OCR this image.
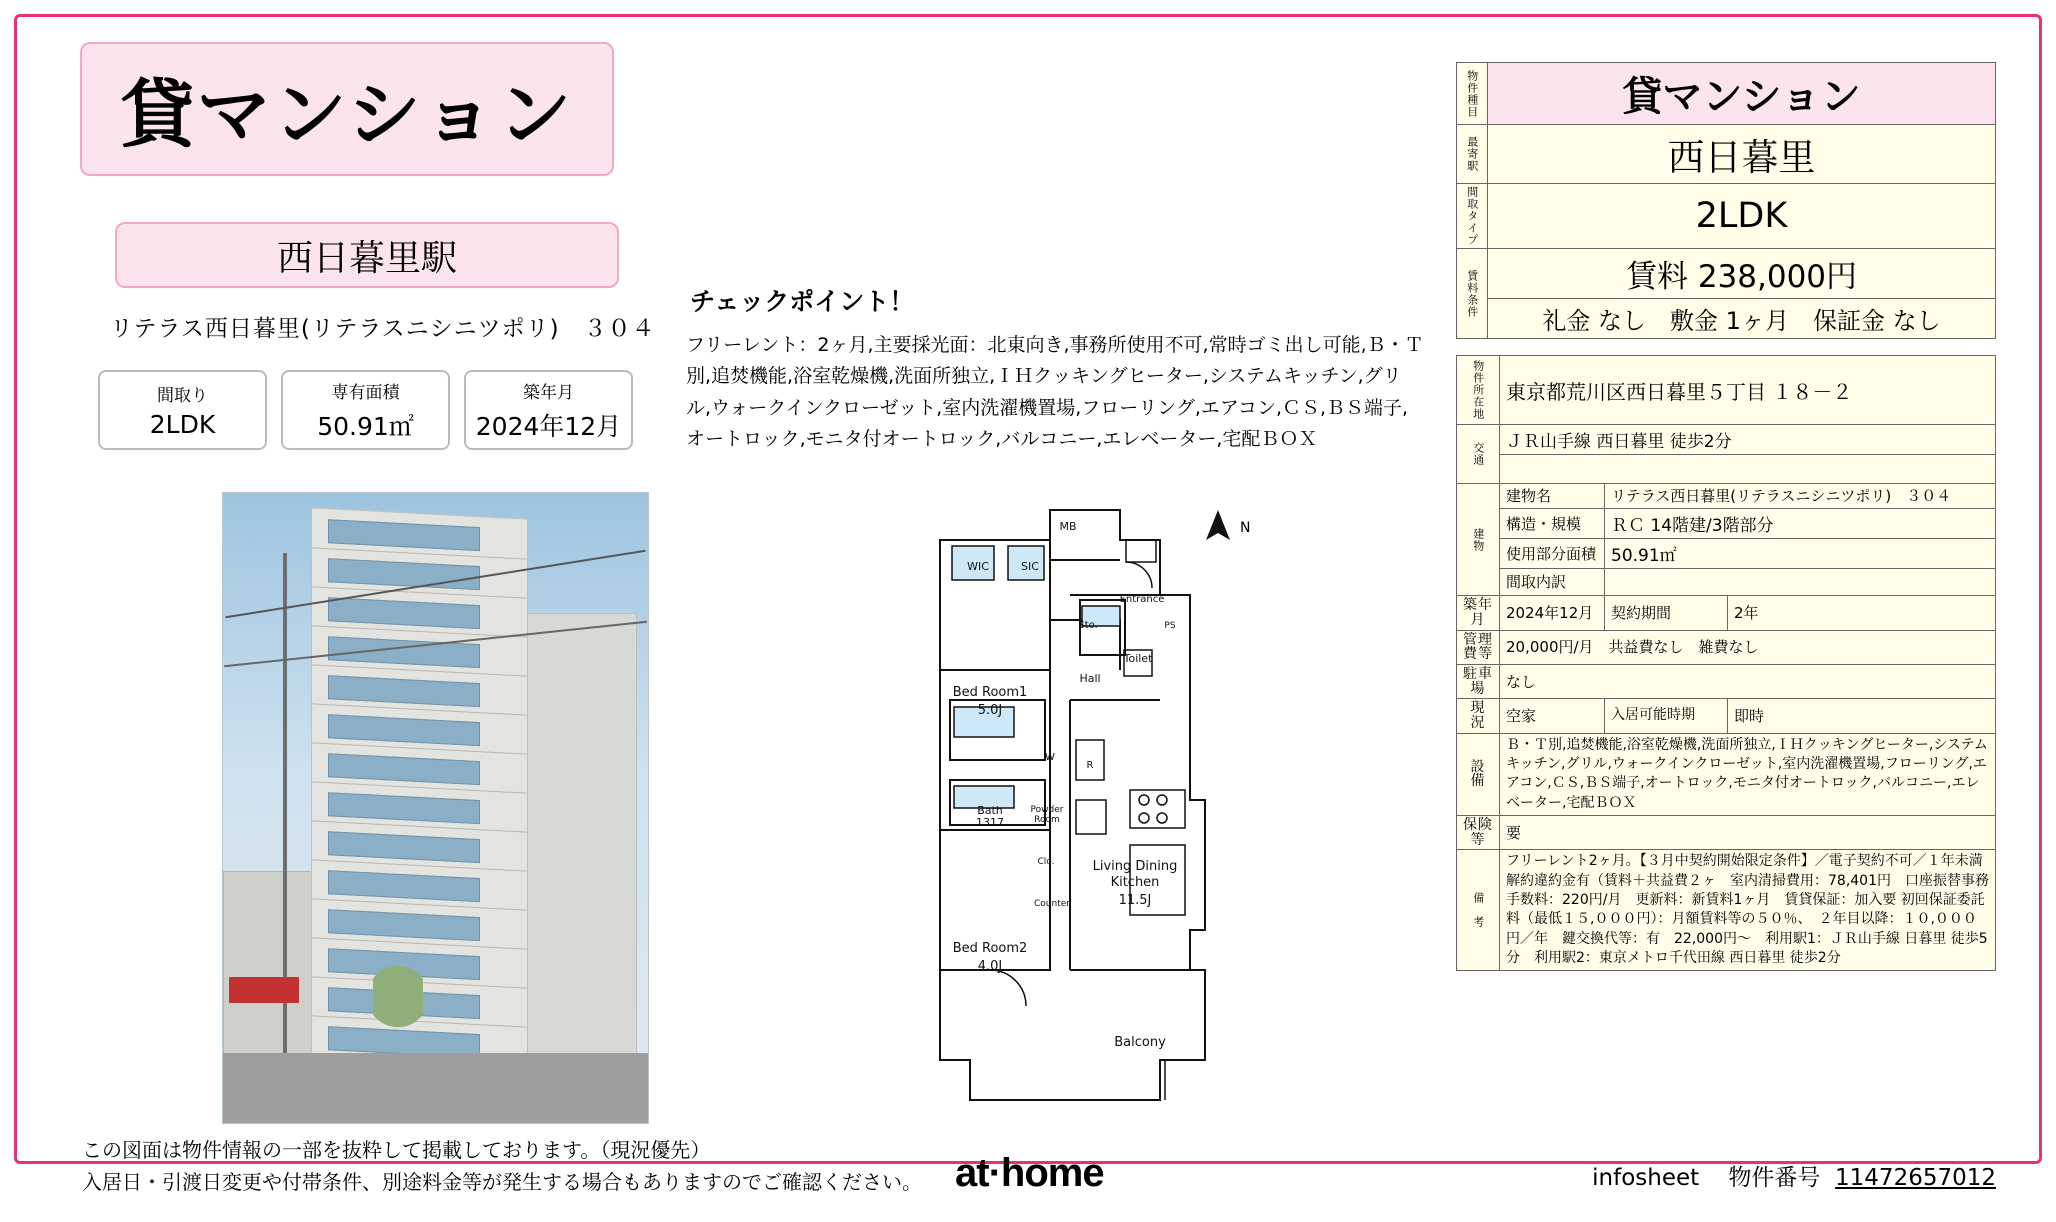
貸マンション
西日暮里駅
リテラス西日暮里(リテラスニシニツポリ)　３０４
間取り
2LDK
専有面積
50.91㎡
築年月
2024年12月
チェックポイント！
フリーレント：2ヶ月,主要採光面：北東向き,事務所使用不可,常時ゴミ出し可能,Ｂ・Ｔ別,追焚機能,浴室乾燥機,洗面所独立,ＩＨクッキングヒーター,システムキッチン,グリル,ウォークインクローゼット,室内洗濯機置場,フローリング,エアコン,ＣＳ,ＢＳ端子,オートロック,モニタ付オートロック,バルコニー,エレベーター,宅配ＢＯＸ
Bed Room1
5.0J
Bed Room2
4.0J
Living Dining
Kitchen
11.5J
Bath
1317
Powder
Room
Balcony
Toilet
Hall
Entrance
WIC	SIC
MB
PS
Sto.
Clo.
Counter
R
W
N
物件種目	貸マンション
最寄駅	西日暮里
間取タイプ	2LDK
賃料条件	賃料 238,000円
	礼金 なし　敷金 1ヶ月　保証金 なし
物件所在地	東京都荒川区西日暮里５丁目 １８－２		
交通	ＪＲ山手線 西日暮里 徒歩2分		

建物	建物名	リテラス西日暮里(リテラスニシニツポリ)　３０４	
	構造・規模	ＲＣ 14階建/3階部分	
	使用部分面積	50.91㎡	
	間取内訳		
築年月	2024年12月	契約期間	2年
管理費等	20,000円/月　共益費なし　雑費なし		
駐車場	なし		
現　況	空家	入居可能時期	即時
設　備	Ｂ・Ｔ別,追焚機能,浴室乾燥機,洗面所独立,ＩＨクッキングヒーター,システムキッチン,グリル,ウォークインクローゼット,室内洗濯機置場,フローリング,エアコン,ＣＳ,ＢＳ端子,オートロック,モニタ付オートロック,バルコニー,エレベーター,宅配ＢＯＸ		
保険等	要		
備　考	フリーレント2ヶ月。【３月中契約開始限定条件】／電子契約不可／１年未満解約違約金有（賃料＋共益費２ヶ　室内清掃費用：78,401円　口座振替事務手数料：220円/月　更新料：新賃料1ヶ月　賃貸保証：加入要 初回保証委託料（最低１５,０００円）：月額賃料等の５０％、　２年目以降：１０,０００円／年　鍵交換代等：有　22,000円〜　利用駅1：ＪＲ山手線 日暮里 徒歩5分　利用駅2：東京メトロ千代田線 西日暮里 徒歩2分		
この図面は物件情報の一部を抜粋して掲載しております。（現況優先）
入居日・引渡日変更や付帯条件、別途料金等が発生する場合もありますのでご確認ください。 at·home	infosheet 物件番号 11472657012
